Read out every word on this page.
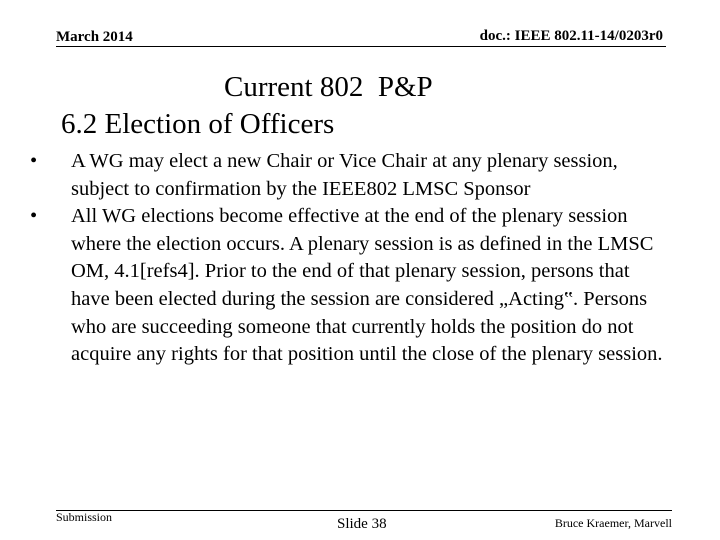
March 2014	doc.: IEEE 802.11-14/0203r0
Current 802  P&P
6.2 Election of Officers
• A WG may elect a new Chair or Vice Chair at any plenary session, subject to confirmation by the IEEE802 LMSC Sponsor
• All WG elections become effective at the end of the plenary session where the election occurs. A plenary session is as defined in the LMSC OM, 4.1[refs4]. Prior to the end of that plenary session, persons that have been elected during the session are considered „Acting‟. Persons who are succeeding someone that currently holds the position do not acquire any rights for that position until the close of the plenary session.
Submission	Slide 38	Bruce Kraemer, Marvell
